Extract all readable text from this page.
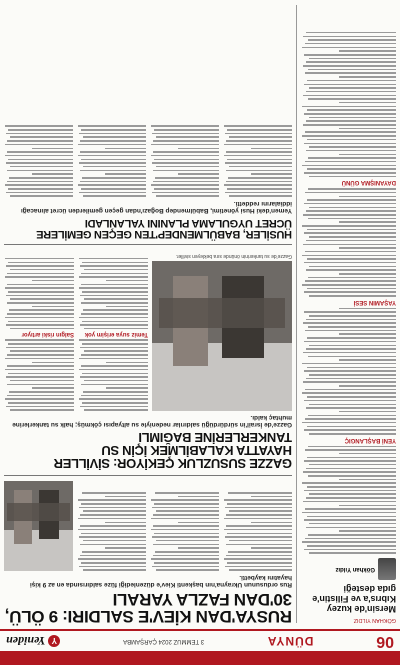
06
DÜNYA
3 TEMMUZ 2024 ÇARŞAMBA
Y
Yeniden
GÖKHAN YILDIZ
Mersin'de kuzey Kıbrıs'a ve Filistin'e gıda desteği
Gökhan Yıldız
YENİ BAŞLANGIÇ
YAŞAMIN SESİ
DAYANIŞMA GÜNÜ
RUSYA'DAN KİEV'E SALDIRI: 9 ÖLÜ, 30'DAN FAZLA YARALI
Rus ordusunun Ukrayna'nın başkenti Kiev'e düzenlediği füze saldırısında en az 9 kişi hayatını kaybetti.
GAZZE SUSUZLUK ÇEKİYOR: SİVİLLER HAYATTA KALABİLMEK İÇİN SU TANKERLERİNE BAĞIMLI
Gazze'de İsrail'in sürdürdüğü saldırılar nedeniyle su altyapısı çökmüş; halk su tankerlerine muhtaç kaldı.
Gazze'de su tankerinin önünde sıra bekleyen siviller.
Temiz suya erişim yok
Salgın riski artıyor
HUSİLER, BABÜLMENDEP'TEN GEÇEN GEMİLERE ÜCRET UYGULAMA PLANINI YALANLADI
Yemen'deki Husi yönetimi, Babülmendep Boğazı'ndan geçen gemilerden ücret alınacağı iddialarını reddetti.
